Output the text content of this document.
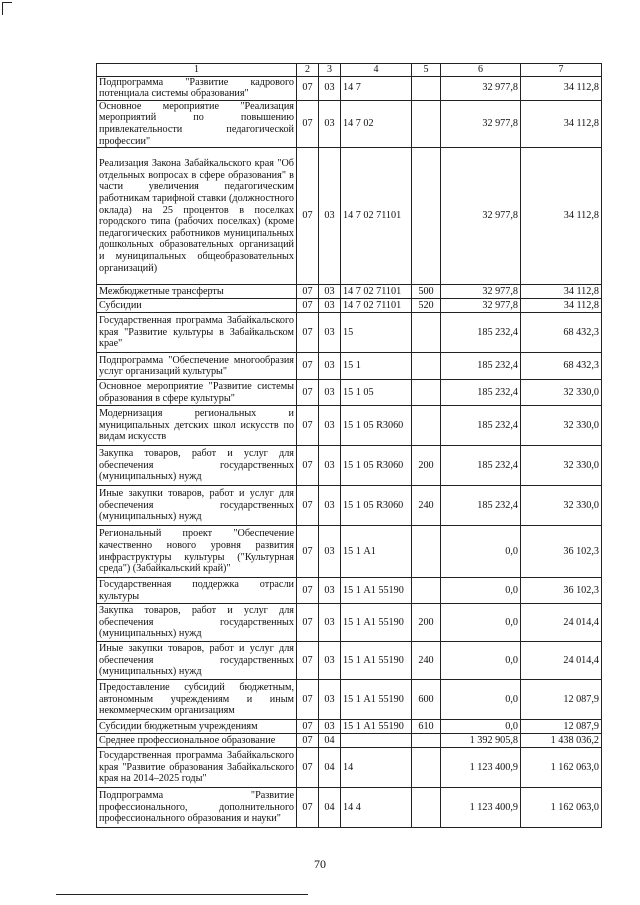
1	2	3	4	5	6	7
Подпрограмма "Развитие кадрового потенциала системы образования"	07	03	14 7		32 977,8	34 112,8
Основное мероприятие "Реализация мероприятий по повышению привлекательности педагогической профессии"	07	03	14 7 02		32 977,8	34 112,8
Реализация Закона Забайкальского края "Об отдельных вопросах в сфере образования" в части увеличения педагогическим работникам тарифной ставки (должностного оклада) на 25 процентов в поселках городского типа (рабочих поселках) (кроме педагогических работников муниципальных дошкольных образовательных организаций и муниципальных общеобразовательных организаций)	07	03	14 7 02 71101		32 977,8	34 112,8
Межбюджетные трансферты	07	03	14 7 02 71101	500	32 977,8	34 112,8
Субсидии	07	03	14 7 02 71101	520	32 977,8	34 112,8
Государственная программа Забайкальского края "Развитие культуры в Забайкальском крае"	07	03	15		185 232,4	68 432,3
Подпрограмма "Обеспечение многообразия услуг организаций культуры"	07	03	15 1		185 232,4	68 432,3
Основное мероприятие "Развитие системы образования в сфере культуры"	07	03	15 1 05		185 232,4	32 330,0
Модернизация региональных и муниципальных детских школ искусств по видам искусств	07	03	15 1 05 R3060		185 232,4	32 330,0
Закупка товаров, работ и услуг для обеспечения государственных (муниципальных) нужд	07	03	15 1 05 R3060	200	185 232,4	32 330,0
Иные закупки товаров, работ и услуг для обеспечения государственных (муниципальных) нужд	07	03	15 1 05 R3060	240	185 232,4	32 330,0
Региональный проект "Обеспечение качественно нового уровня развития инфраструктуры культуры ("Культурная среда") (Забайкальский край)"	07	03	15 1 А1		0,0	36 102,3
Государственная поддержка отрасли культуры	07	03	15 1 А1 55190		0,0	36 102,3
Закупка товаров, работ и услуг для обеспечения государственных (муниципальных) нужд	07	03	15 1 А1 55190	200	0,0	24 014,4
Иные закупки товаров, работ и услуг для обеспечения государственных (муниципальных) нужд	07	03	15 1 А1 55190	240	0,0	24 014,4
Предоставление субсидий бюджетным, автономным учреждениям и иным некоммерческим организациям	07	03	15 1 А1 55190	600	0,0	12 087,9
Субсидии бюджетным учреждениям	07	03	15 1 А1 55190	610	0,0	12 087,9
Среднее профессиональное образование	07	04			1 392 905,8	1 438 036,2
Государственная программа Забайкальского края "Развитие образования Забайкальского края на 2014–2025 годы"	07	04	14		1 123 400,9	1 162 063,0
Подпрограмма "Развитие профессионального, дополнительного профессионального образования и науки"	07	04	14 4		1 123 400,9	1 162 063,0
70
